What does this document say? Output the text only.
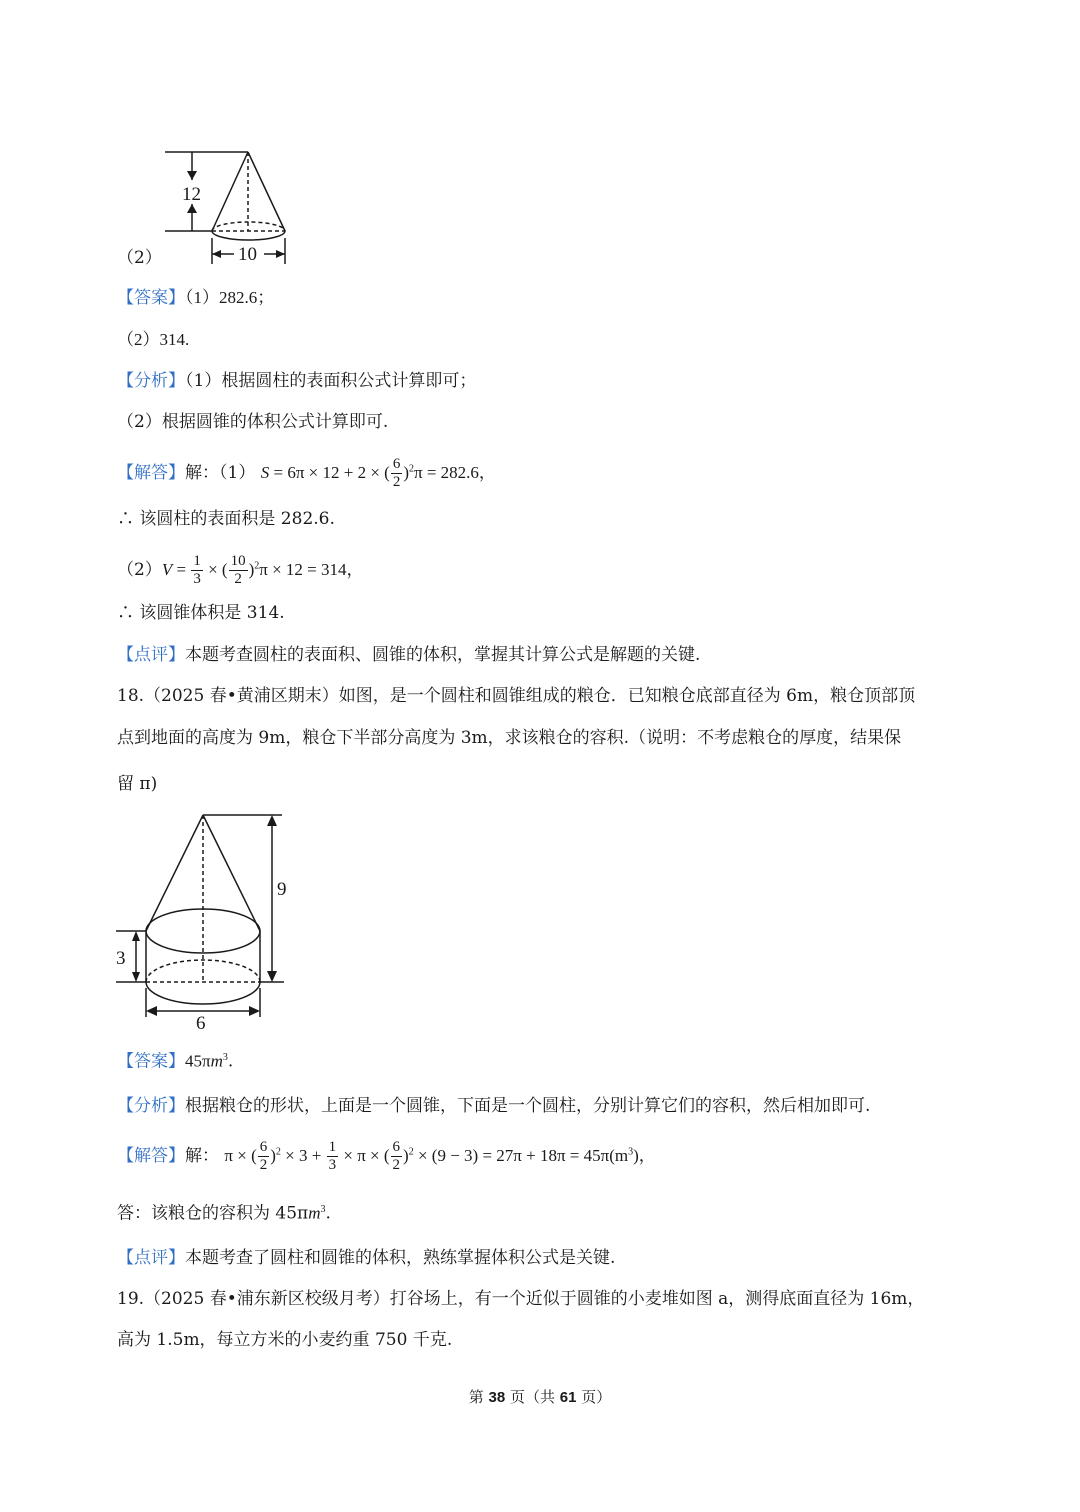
12
10
（2）
【答案】（1）282.6；
（2）314.
【分析】（1）根据圆柱的表面积公式计算即可；
（2）根据圆锥的体积公式计算即可.
【解答】解：（1） S = 6π × 12 + 2 × ( $\frac{6}{2} )^2\pi = 282.6$，
∴ 该圆柱的表面积是 282.6.
$(2)V = \frac{1}{3}$ × ( $\frac{10}{2} )^2\pi \times 12 = 314$，
∴ 该圆锥体积是 314.
【点评】本题考查圆柱的表面积、圆锥的体积，掌握其计算公式是解题的关键.
18.（2025 春•黄浦区期末）如图，是一个圆柱和圆锥组成的粮仓．已知粮仓底部直径为 6m，粮仓顶部顶
点到地面的高度为 9m，粮仓下半部分高度为 3m，求该粮仓的容积.（说明：不考虑粮仓的厚度，结果保
留 π)
9
3
6
【答案】$45\pi m^3$.
【分析】根据粮仓的形状，上面是一个圆锥，下面是一个圆柱，分别计算它们的容积，然后相加即可.
【解答】解： π × ( $\frac{6}{2} )^2 \times 3 + \frac{1}{3} \times \pi$ × ( $\frac{6}{2} )^2 \times (9 - 3) = 27\pi + 18\pi = 45\pi(m^3)$，
答：该粮仓的容积为 $45\pi m^3$.
【点评】本题考查了圆柱和圆锥的体积，熟练掌握体积公式是关键.
19.（2025 春•浦东新区校级月考）打谷场上，有一个近似于圆锥的小麦堆如图 a，测得底面直径为 16m，
高为 1.5m，每立方米的小麦约重 750 千克.
第 38 页（共 61 页）
